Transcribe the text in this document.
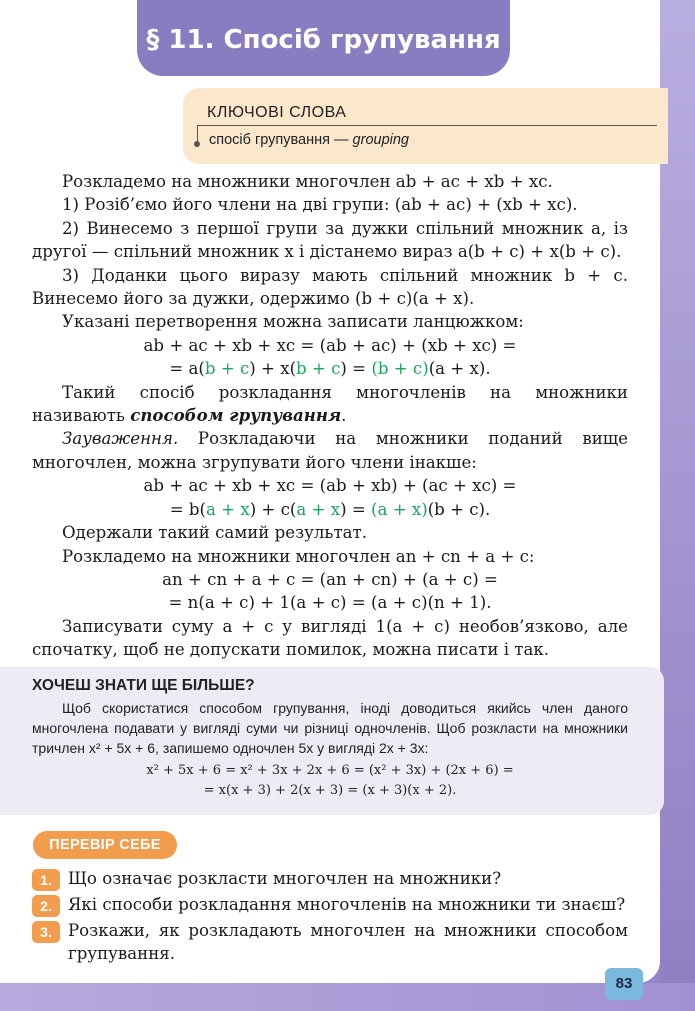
§ 11. Спосіб групування
КЛЮЧОВІ СЛОВА
спосіб групування — grouping

Розкладемо на множники многочлен ab + ac + xb + xc.

1) Розіб’ємо його члени на дві групи: (ab + ac) + (xb + xc).

2) Винесемо з першої групи за дужки спільний множник a, із другої — спільний множник x і дістанемо вираз a(b + c) + x(b + c).

3) Доданки цього виразу мають спільний множник b + c. Винесемо його за дужки, одержимо (b + c)(a + x).

Указані перетворення можна записати ланцюжком:

ab + ac + xb + xc = (ab + ac) + (xb + xc) =
= a(b + c) + x(b + c) = (b + c)(a + x).

Такий спосіб розкладання многочленів на множники називають способом групування.

Зауваження. Розкладаючи на множники поданий вище многочлен, можна згрупувати його члени інакше:

ab + ac + xb + xc = (ab + xb) + (ac + xc) =
= b(a + x) + c(a + x) = (a + x)(b + c).

Одержали такий самий результат.

Розкладемо на множники многочлен an + cn + a + c:

an + cn + a + c = (an + cn) + (a + c) =
= n(a + c) + 1(a + c) = (a + c)(n + 1).

Записувати суму a + c у вигляді 1(a + c) необов’язково, але спочатку, щоб не допускати помилок, можна писати і так.

ХОЧЕШ ЗНАТИ ЩЕ БІЛЬШЕ?
Щоб скористатися способом групування, іноді доводиться якийсь член даного многочлена подавати у вигляді суми чи різниці одночленів. Щоб розкласти на множники тричлен x² + 5x + 6, запишемо одночлен 5x у вигляді 2x + 3x:
x² + 5x + 6 = x² + 3x + 2x + 6 = (x² + 3x) + (2x + 6) =
= x(x + 3) + 2(x + 3) = (x + 3)(x + 2).
ПЕРЕВІР СЕБЕ
1. Що означає розкласти многочлен на множники?
2. Які способи розкладання многочленів на множники ти знаєш?
3. Розкажи, як розкладають многочлен на множники способом групування.
83
